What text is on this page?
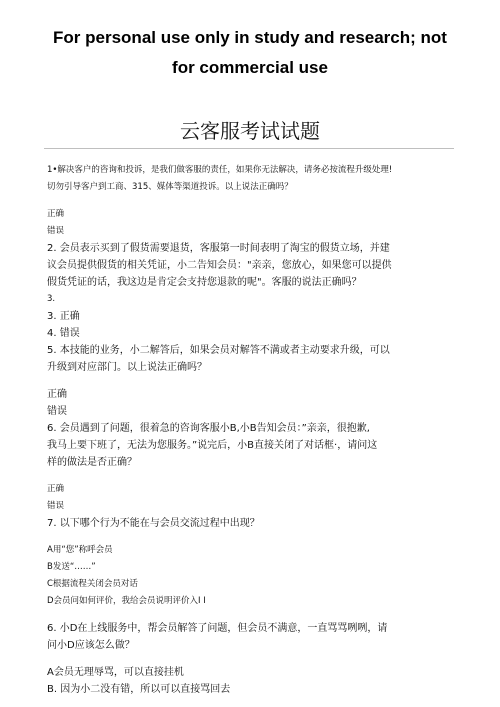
For personal use only in study and research; not
for commercial use
云客服考试试题
1•解决客户的咨询和投诉，是我们做客服的责任，如果你无法解决，请务必按流程升级处理!
切勿引导客户到工商、315、媒体等渠道投诉。以上说法正确吗？
正确
错误
2. 会员表示买到了假货需要退货，客服第一时间表明了淘宝的假货立场，并建
议会员提供假货的相关凭证，小二告知会员："亲亲，您放心，如果您可以提供
假货凭证的话，我这边是肯定会支持您退款的呢"。客服的说法正确吗？
3.
3. 正确
4. 错误
5. 本技能的业务，小二解答后，如果会员对解答不满或者主动要求升级，可以
升级到对应部门。以上说法正确吗？
正确
错误
6. 会员遇到了问题，很着急的咨询客服小B,小B告知会员：”亲亲，很抱歉,
我马上要下班了，无法为您服务。”说完后，小B直接关闭了对话框·，请问这
样的做法是否正确？
正确
错误
7. 以下哪个行为不能在与会员交流过程中出现？
A用“您”称呼会员
B发送“……”
C根据流程关闭会员对话
D会员问如何评价，我给会员说明评价入I I
6. 小D在上线服务中，帮会员解答了问题，但会员不满意，一直骂骂咧咧，请
问小D应该怎么做？
A会员无理辱骂，可以直接挂机
B. 因为小二没有错，所以可以直接骂回去
